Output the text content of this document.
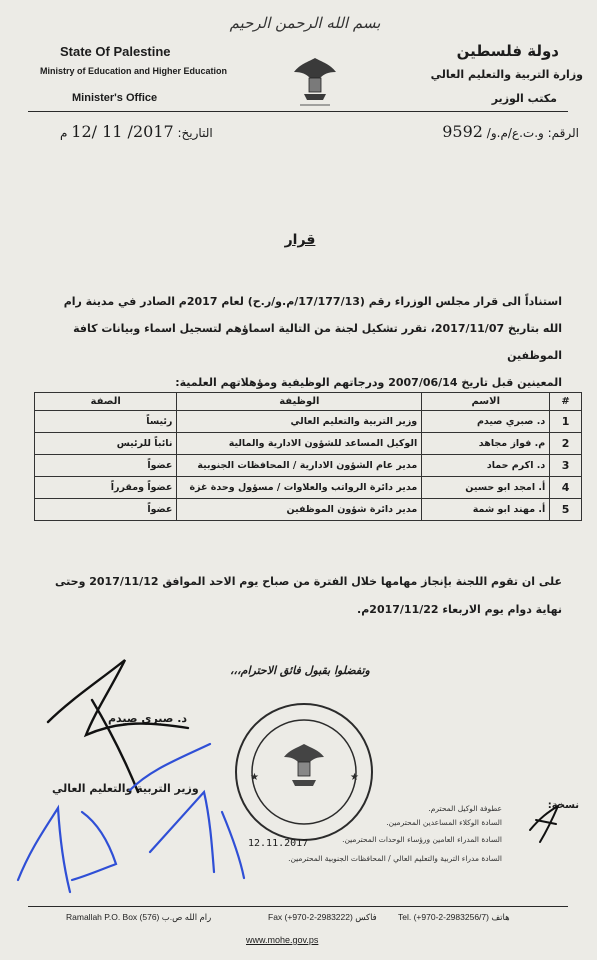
بسم الله الرحمن الرحيم
State Of Palestine
Ministry of Education and Higher Education
Minister's Office
دولة فلسطين
وزارة التربية والتعليم العالي
مكتب الوزير
التاريخ: 2017/ 11 /12 م	الرقم: و.ت.ع/م.و/ 9592
قرار
استناداً الى قرار مجلس الوزراء رقم (17/177/13/م.و/ر.ح) لعام 2017م الصادر في مدينة رام
الله بتاريخ 2017/11/07، تقرر تشكيل لجنة من التالية اسماؤهم لتسجيل اسماء وبيانات كافة الموظفين
المعينين قبل تاريخ 2007/06/14 ودرجاتهم الوظيفية ومؤهلاتهم العلمية:
#	الاسم	الوظيفة	الصفة
1	د. صبري صيدم	وزير التربية والتعليم العالي	رئيساً
2	م. فواز مجاهد	الوكيل المساعد للشؤون الادارية والمالية	نائباً للرئيس
3	د. اكرم حماد	مدير عام الشؤون الادارية / المحافظات الجنوبية	عضواً
4	أ. امجد ابو حسين	مدير دائرة الرواتب والعلاوات / مسؤول وحدة غزة	عضواً ومقرراً
5	أ. مهند ابو شمة	مدير دائرة شؤون الموظفين	عضواً
على ان تقوم اللجنة بإنجاز مهامها خلال الفترة من صباح يوم الاحد الموافق 2017/11/12 وحتى
نهاية دوام يوم الاربعاء 2017/11/22م.
وتفضلوا بقبول فائق الاحترام،،،
د. صبري صيدم
وزير التربية والتعليم العالي
★	★
12.11.2017
نسخة:
عطوفة الوكيل المحترم.
السادة الوكلاء المساعدين المحترمين.
السادة المدراء العامين ورؤساء الوحدات المحترمين.
السادة مدراء التربية والتعليم العالي / المحافظات الجنوبية المحترمين.
Ramallah P.O. Box (576) رام الله ص.ب	Fax (+970-2-2983222) فاكس	Tel. (+970-2-2983256/7) هاتف
www.mohe.gov.ps
